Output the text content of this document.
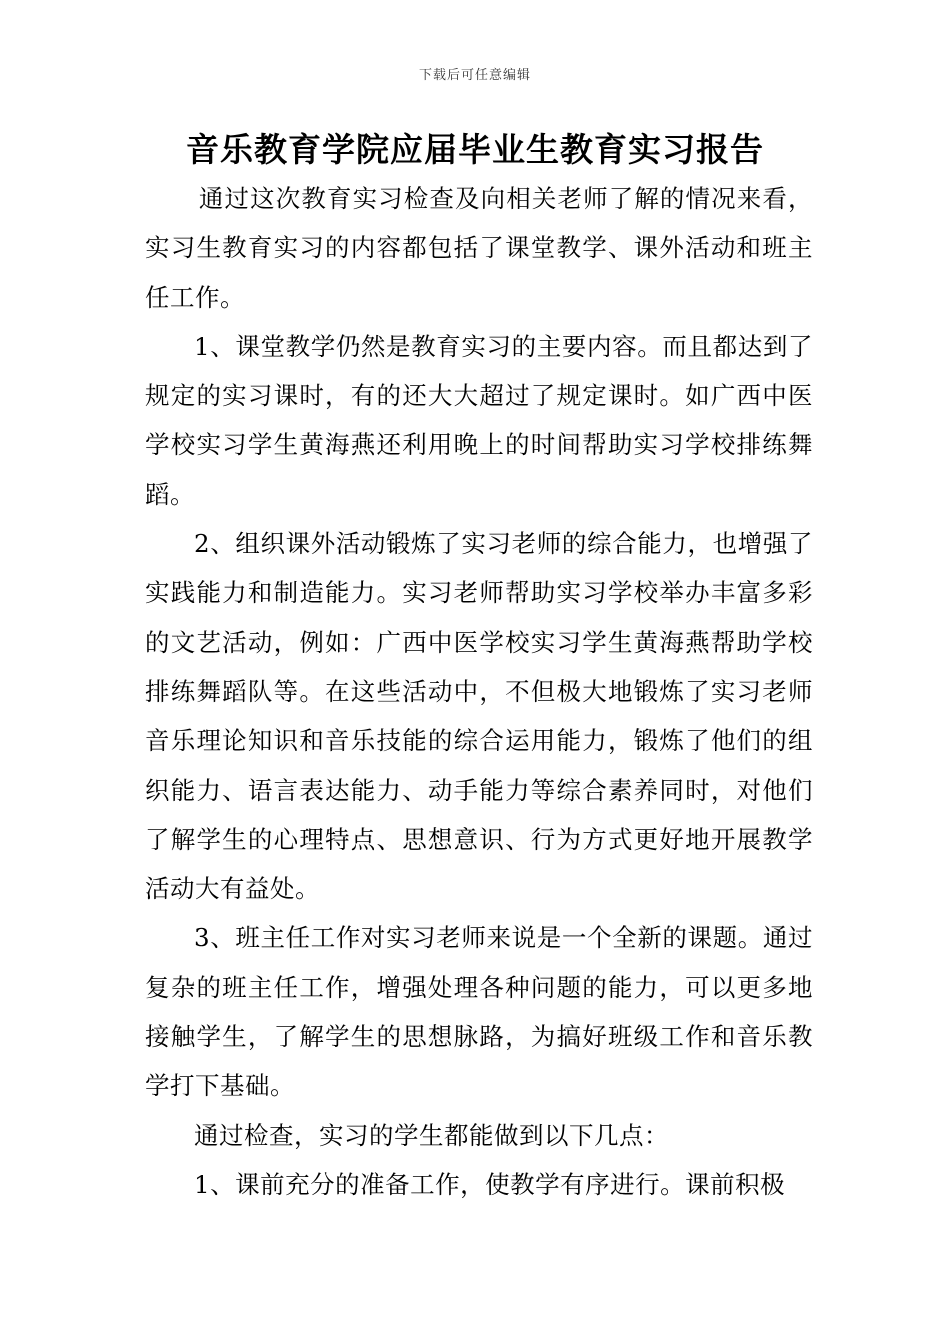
下载后可任意编辑
音乐教育学院应届毕业生教育实习报告

通过这次教育实习检查及向相关老师了解的情况来看，实习生教育实习的内容都包括了课堂教学、课外活动和班主任工作。

1、课堂教学仍然是教育实习的主要内容。而且都达到了规定的实习课时，有的还大大超过了规定课时。如广西中医学校实习学生黄海燕还利用晚上的时间帮助实习学校排练舞蹈。

2、组织课外活动锻炼了实习老师的综合能力，也增强了实践能力和制造能力。实习老师帮助实习学校举办丰富多彩的文艺活动，例如：广西中医学校实习学生黄海燕帮助学校排练舞蹈队等。在这些活动中，不但极大地锻炼了实习老师音乐理论知识和音乐技能的综合运用能力，锻炼了他们的组织能力、语言表达能力、动手能力等综合素养同时，对他们了解学生的心理特点、思想意识、行为方式更好地开展教学活动大有益处。

3、班主任工作对实习老师来说是一个全新的课题。通过复杂的班主任工作，增强处理各种问题的能力，可以更多地接触学生，了解学生的思想脉路，为搞好班级工作和音乐教学打下基础。

通过检查，实习的学生都能做到以下几点：

1、课前充分的准备工作，使教学有序进行。课前积极
